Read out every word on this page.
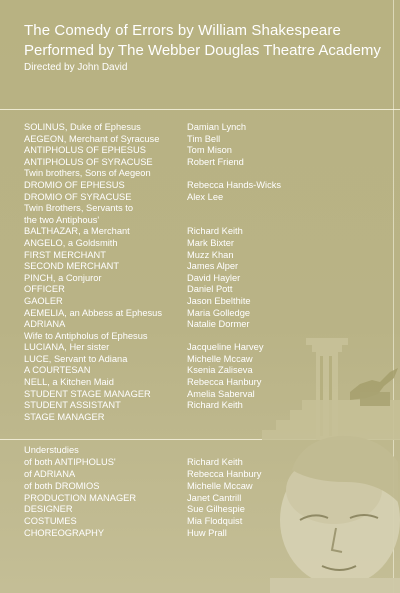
The Comedy of Errors by William Shakespeare
Performed by The Webber Douglas Theatre Academy
Directed by John David
SOLINUS, Duke of Ephesus	Damian Lynch
AEGEON, Merchant of Syracuse	Tim Bell
ANTIPHOLUS OF EPHESUS	Tom Mison
ANTIPHOLUS OF SYRACUSE	Robert Friend
Twin brothers, Sons of Aegeon
DROMIO OF EPHESUS	Rebecca Hands-Wicks
DROMIO OF SYRACUSE	Alex Lee
Twin Brothers, Servants to
the two Antiphous'
BALTHAZAR, a Merchant	Richard Keith
ANGELO, a Goldsmith	Mark Bixter
FIRST MERCHANT	Muzz Khan
SECOND MERCHANT	James Alper
PINCH, a Conjuror	David Hayler
OFFICER	Daniel Pott
GAOLER	Jason Ebelthite
AEMELIA, an Abbess at Ephesus	Maria Golledge
ADRIANA	Natalie Dormer
Wife to Antipholus of Ephesus
LUCIANA, Her sister	Jacqueline Harvey
LUCE, Servant to Adiana	Michelle Mccaw
A COURTESAN	Ksenia Zaliseva
NELL, a Kitchen Maid	Rebecca Hanbury
STUDENT STAGE MANAGER	Amelia Saberval
STUDENT ASSISTANT	Richard Keith
STAGE MANAGER
Understudies
of both ANTIPHOLUS'	Richard Keith
of ADRIANA	Rebecca Hanbury
of both DROMIOS	Michelle Mccaw
PRODUCTION MANAGER	Janet Cantrill
DESIGNER	Sue Gilhespie
COSTUMES	Mia Flodquist
CHOREOGRAPHY	Huw Prall
